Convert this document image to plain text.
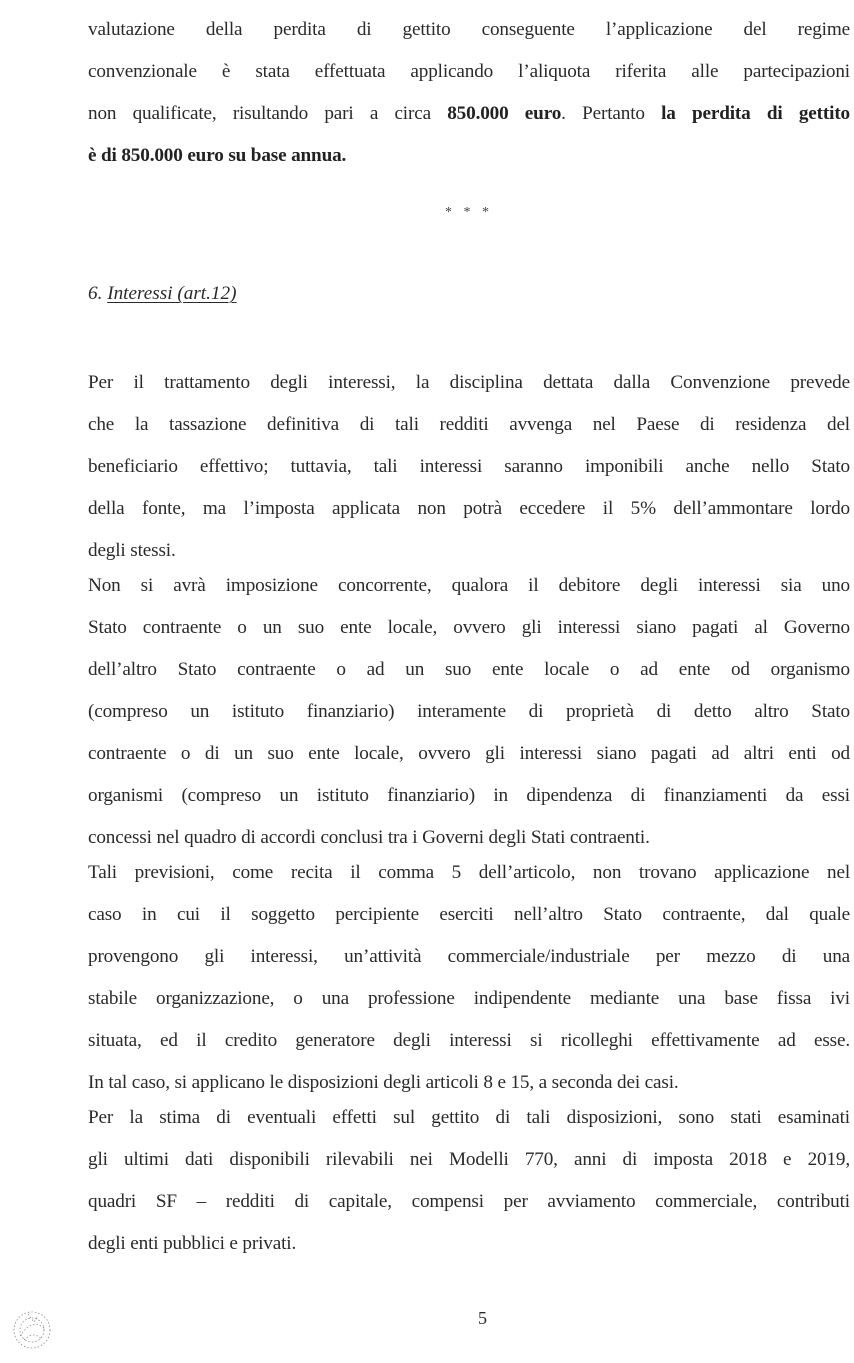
valutazione della perdita di gettito conseguente l’applicazione del regime
convenzionale è stata effettuata applicando l’aliquota riferita alle partecipazioni
non qualificate, risultando pari a circa 850.000 euro. Pertanto la perdita di gettito
è di 850.000 euro su base annua.
* * *
6. Interessi (art.12)
Per il trattamento degli interessi, la disciplina dettata dalla Convenzione prevede
che la tassazione definitiva di tali redditi avvenga nel Paese di residenza del
beneficiario effettivo; tuttavia, tali interessi saranno imponibili anche nello Stato
della fonte, ma l’imposta applicata non potrà eccedere il 5% dell’ammontare lordo
degli stessi.
Non si avrà imposizione concorrente, qualora il debitore degli interessi sia uno
Stato contraente o un suo ente locale, ovvero gli interessi siano pagati al Governo
dell’altro Stato contraente o ad un suo ente locale o ad ente od organismo
(compreso un istituto finanziario) interamente di proprietà di detto altro Stato
contraente o di un suo ente locale, ovvero gli interessi siano pagati ad altri enti od
organismi (compreso un istituto finanziario) in dipendenza di finanziamenti da essi
concessi nel quadro di accordi conclusi tra i Governi degli Stati contraenti.
Tali previsioni, come recita il comma 5 dell’articolo, non trovano applicazione nel
caso in cui il soggetto percipiente eserciti nell’altro Stato contraente, dal quale
provengono gli interessi, un’attività commerciale/industriale per mezzo di una
stabile organizzazione, o una professione indipendente mediante una base fissa ivi
situata, ed il credito generatore degli interessi si ricolleghi effettivamente ad esse.
In tal caso, si applicano le disposizioni degli articoli 8 e 15, a seconda dei casi.
Per la stima di eventuali effetti sul gettito di tali disposizioni, sono stati esaminati
gli ultimi dati disponibili rilevabili nei Modelli 770, anni di imposta 2018 e 2019,
quadri SF – redditi di capitale, compensi per avviamento commerciale, contributi
degli enti pubblici e privati.
5
